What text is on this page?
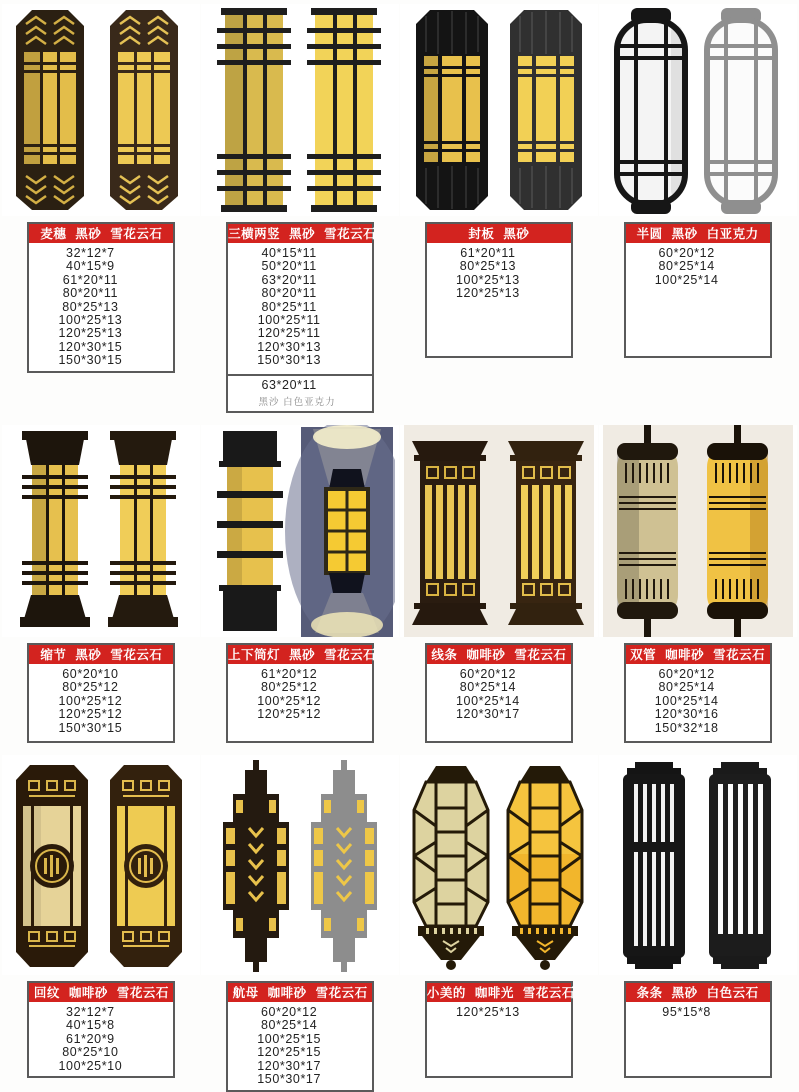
麦穗 黑砂 雪花云石
32*12*7
40*15*9
61*20*11
80*20*11
80*25*13
100*25*13
120*25*13
120*30*15
150*30*15
三横两竖 黑砂 雪花云石
40*15*11
50*20*11
63*20*11
80*20*11
80*25*11
100*25*11
120*25*11
120*30*13
150*30*13
63*20*11
黑沙 白色亚克力
封板 黑砂
61*20*11
80*25*13
100*25*13
120*25*13
半圆 黑砂 白亚克力
60*20*12
80*25*14
100*25*14
缩节 黑砂 雪花云石
60*20*10
80*25*12
100*25*12
120*25*12
150*30*15
上下筒灯 黑砂 雪花云石
61*20*12
80*25*12
100*25*12
120*25*12
线条 咖啡砂 雪花云石
60*20*12
80*25*14
100*25*14
120*30*17
双管 咖啡砂 雪花云石
60*20*12
80*25*14
100*25*14
120*30*16
150*32*18
回纹 咖啡砂 雪花云石
32*12*7
40*15*8
61*20*9
80*25*10
100*25*10
航母 咖啡砂 雪花云石
60*20*12
80*25*14
100*25*15
120*25*15
120*30*17
150*30*17
小美的 咖啡光 雪花云石
120*25*13
条条 黑砂 白色云石
95*15*8
